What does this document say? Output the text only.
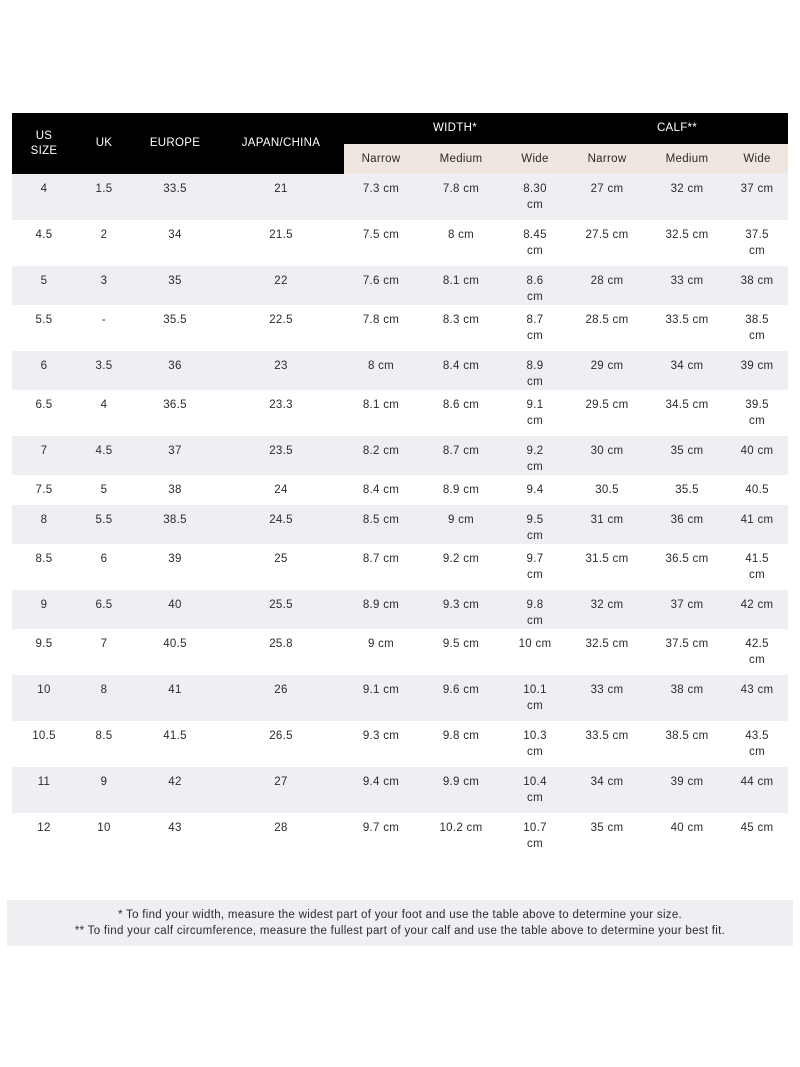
US SIZE	UK	EUROPE	JAPAN/CHINA	WIDTH*			CALF**		
				Narrow	Medium	Wide	Narrow	Medium	Wide
4	1.5	33.5	21	7.3 cm	7.8 cm	8.30 cm	27 cm	32 cm	37 cm
4.5	2	34	21.5	7.5 cm	8 cm	8.45 cm	27.5 cm	32.5 cm	37.5 cm
5	3	35	22	7.6 cm	8.1 cm	8.6 cm	28 cm	33 cm	38 cm
5.5	-	35.5	22.5	7.8 cm	8.3 cm	8.7 cm	28.5 cm	33.5 cm	38.5 cm
6	3.5	36	23	8 cm	8.4 cm	8.9 cm	29 cm	34 cm	39 cm
6.5	4	36.5	23.3	8.1 cm	8.6 cm	9.1 cm	29.5 cm	34.5 cm	39.5 cm
7	4.5	37	23.5	8.2 cm	8.7 cm	9.2 cm	30 cm	35 cm	40 cm
7.5	5	38	24	8.4 cm	8.9 cm	9.4	30.5	35.5	40.5
8	5.5	38.5	24.5	8.5 cm	9 cm	9.5 cm	31 cm	36 cm	41 cm
8.5	6	39	25	8.7 cm	9.2 cm	9.7 cm	31.5 cm	36.5 cm	41.5 cm
9	6.5	40	25.5	8.9 cm	9.3 cm	9.8 cm	32 cm	37 cm	42 cm
9.5	7	40.5	25.8	9 cm	9.5 cm	10 cm	32.5 cm	37.5 cm	42.5 cm
10	8	41	26	9.1 cm	9.6 cm	10.1 cm	33 cm	38 cm	43 cm
10.5	8.5	41.5	26.5	9.3 cm	9.8 cm	10.3 cm	33.5 cm	38.5 cm	43.5 cm
11	9	42	27	9.4 cm	9.9 cm	10.4 cm	34 cm	39 cm	44 cm
12	10	43	28	9.7 cm	10.2 cm	10.7 cm	35 cm	40 cm	45 cm
* To find your width, measure the widest part of your foot and use the table above to determine your size.
** To find your calf circumference, measure the fullest part of your calf and use the table above to determine your best fit.
